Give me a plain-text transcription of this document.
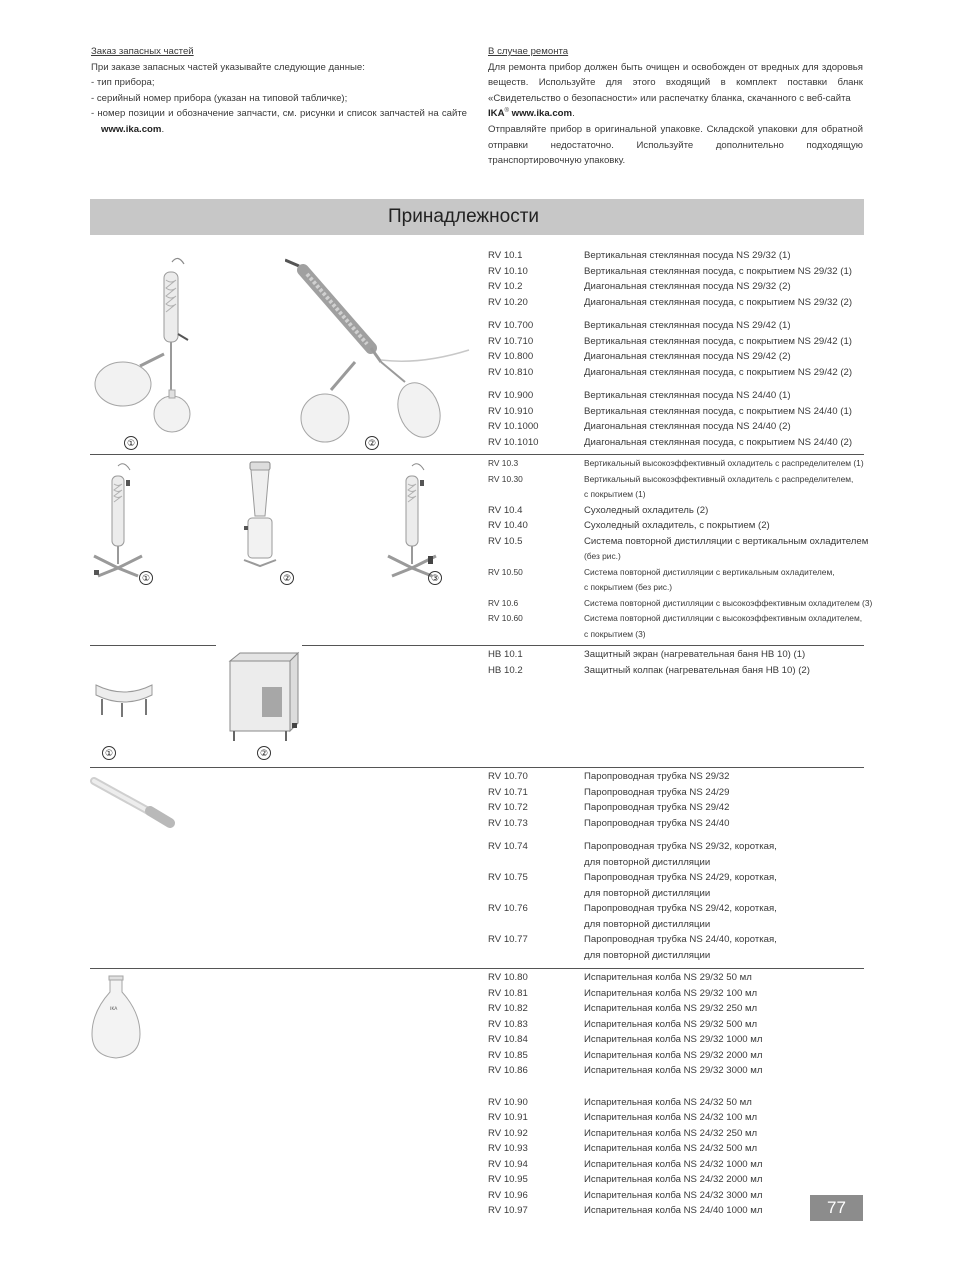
Заказ запасных частей

При заказе запасных частей указывайте следующие данные:

- тип прибора;
- серийный номер прибора (указан на типовой табличке);
- номер позиции и обозначение запчасти, см. рисунки и список запчастей на сайте www.ika.com.
В случае ремонта

Для ремонта прибор должен быть очищен и освобожден от вредных для здоровья веществ. Используйте для этого входящий в комплект поставки бланк «Свидетельство о безопасности» или распечатку бланка, скачанного с веб-сайта
IKA® www.ika.com.

Отправляйте прибор в оригинальной упаковке. Складской упаковки для обратной отправки недостаточно. Используйте дополнительно подходящую транспортировочную упаковку.

Принадлежности
①	②
RV 10.1	Вертикальная стеклянная посуда NS 29/32 (1)
RV 10.10	Вертикальная стеклянная посуда, с покрытием NS 29/32 (1)
RV 10.2	Диагональная стеклянная посуда NS 29/32 (2)
RV 10.20	Диагональная стеклянная посуда, с покрытием NS 29/32 (2)
RV 10.700	Вертикальная стеклянная посуда NS 29/42 (1)
RV 10.710	Вертикальная стеклянная посуда, с покрытием NS 29/42 (1)
RV 10.800	Диагональная стеклянная посуда NS 29/42 (2)
RV 10.810	Диагональная стеклянная посуда, с покрытием NS 29/42 (2)
RV 10.900	Вертикальная стеклянная посуда NS 24/40 (1)
RV 10.910	Вертикальная стеклянная посуда, с покрытием NS 24/40 (1)
RV 10.1000	Диагональная стеклянная посуда NS 24/40 (2)
RV 10.1010	Диагональная стеклянная посуда, с покрытием NS 24/40 (2)
①	②	③
RV 10.3	Вертикальный высокоэффективный охладитель с распределителем (1)
RV 10.30	Вертикальный высокоэффективный охладитель с распределителем,
с покрытием (1)
RV 10.4	Сухоледный охладитель (2)
RV 10.40	Сухоледный охладитель, с покрытием (2)
RV 10.5	Система повторной дистилляции с вертикальным охладителем
(без рис.)
RV 10.50	Система повторной дистилляции с вертикальным охладителем,
с покрытием (без рис.)
RV 10.6	Система повторной дистилляции с высокоэффективным охладителем (3)
RV 10.60	Система повторной дистилляции с высокоэффективным охладителем,
с покрытием (3)
①	②
HB 10.1	Защитный экран (нагревательная баня HB 10) (1)
HB 10.2	Защитный колпак (нагревательная баня HB 10) (2)
RV 10.70	Паропроводная трубка NS 29/32
RV 10.71	Паропроводная трубка NS 24/29
RV 10.72	Паропроводная трубка NS 29/42
RV 10.73	Паропроводная трубка NS 24/40
RV 10.74	Паропроводная трубка NS 29/32, короткая,
для повторной дистилляции
RV 10.75	Паропроводная трубка NS 24/29, короткая,
для повторной дистилляции
RV 10.76	Паропроводная трубка NS 29/42, короткая,
для повторной дистилляции
RV 10.77	Паропроводная трубка NS 24/40, короткая,
для повторной дистилляции
IKA
RV 10.80	Испарительная колба NS 29/32 50 мл
RV 10.81	Испарительная колба NS 29/32 100 мл
RV 10.82	Испарительная колба NS 29/32 250 мл
RV 10.83	Испарительная колба NS 29/32 500 мл
RV 10.84	Испарительная колба NS 29/32 1000 мл
RV 10.85	Испарительная колба NS 29/32 2000 мл
RV 10.86	Испарительная колба NS 29/32 3000 мл
RV 10.90	Испарительная колба NS 24/32 50 мл
RV 10.91	Испарительная колба NS 24/32 100 мл
RV 10.92	Испарительная колба NS 24/32 250 мл
RV 10.93	Испарительная колба NS 24/32 500 мл
RV 10.94	Испарительная колба NS 24/32 1000 мл
RV 10.95	Испарительная колба NS 24/32 2000 мл
RV 10.96	Испарительная колба NS 24/32 3000 мл
RV 10.97	Испарительная колба NS 24/40 1000 мл	77
